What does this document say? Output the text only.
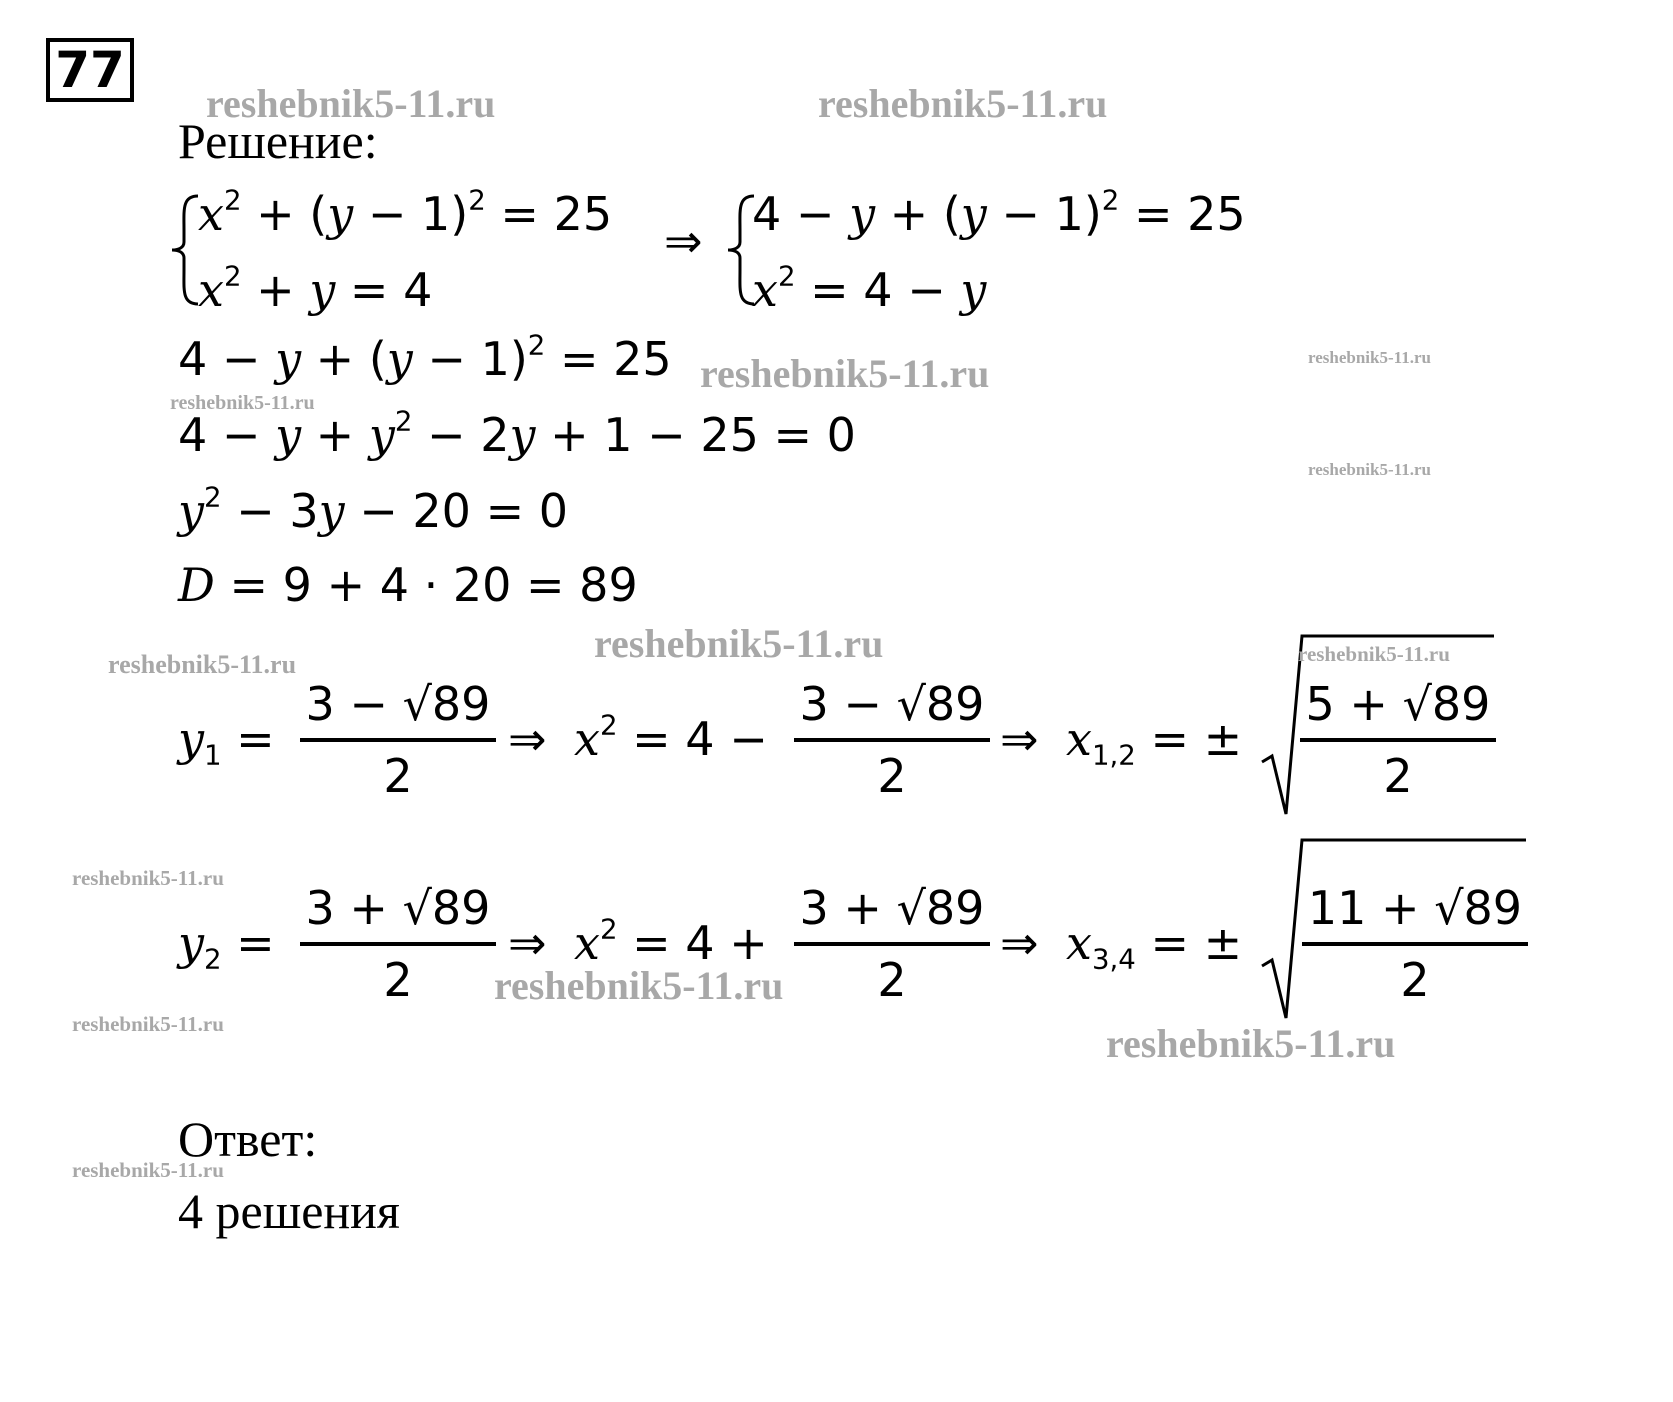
77
Решение:
$x^2 + (y - 1)^2 = 25$
$x^2 + y = 4$
⇒ $4 - y + (y - 1)^2 = 25$
$x^2 = 4 - y$
$4 - y + (y - 1)^2 = 25$
$4 - y + y^2 - 2y + 1 - 25 = 0$
$y^2 - 3y - 20 = 0$
D = 9 + 4 · 20 = 89
$y_1$ =
3 − √89
2
⇒ $x^2 = 4$ −
3 − √89
2
⇒ $x_{1,2}$ = ±
5 + √89
2
$y_2$ =
3 + √89
2
⇒ $x^2 = 4$ +
3 + √89
2
⇒ $x_{3,4}$ = ±
11 + √89
2
Ответ:
4 решения
reshebnik5-11.ru	reshebnik5-11.ru
reshebnik5-11.ru	reshebnik5-11.ru
reshebnik5-11.ru
reshebnik5-11.ru
reshebnik5-11.ru
reshebnik5-11.ru	reshebnik5-11.ru
reshebnik5-11.ru
reshebnik5-11.ru
reshebnik5-11.ru	reshebnik5-11.ru
reshebnik5-11.ru
